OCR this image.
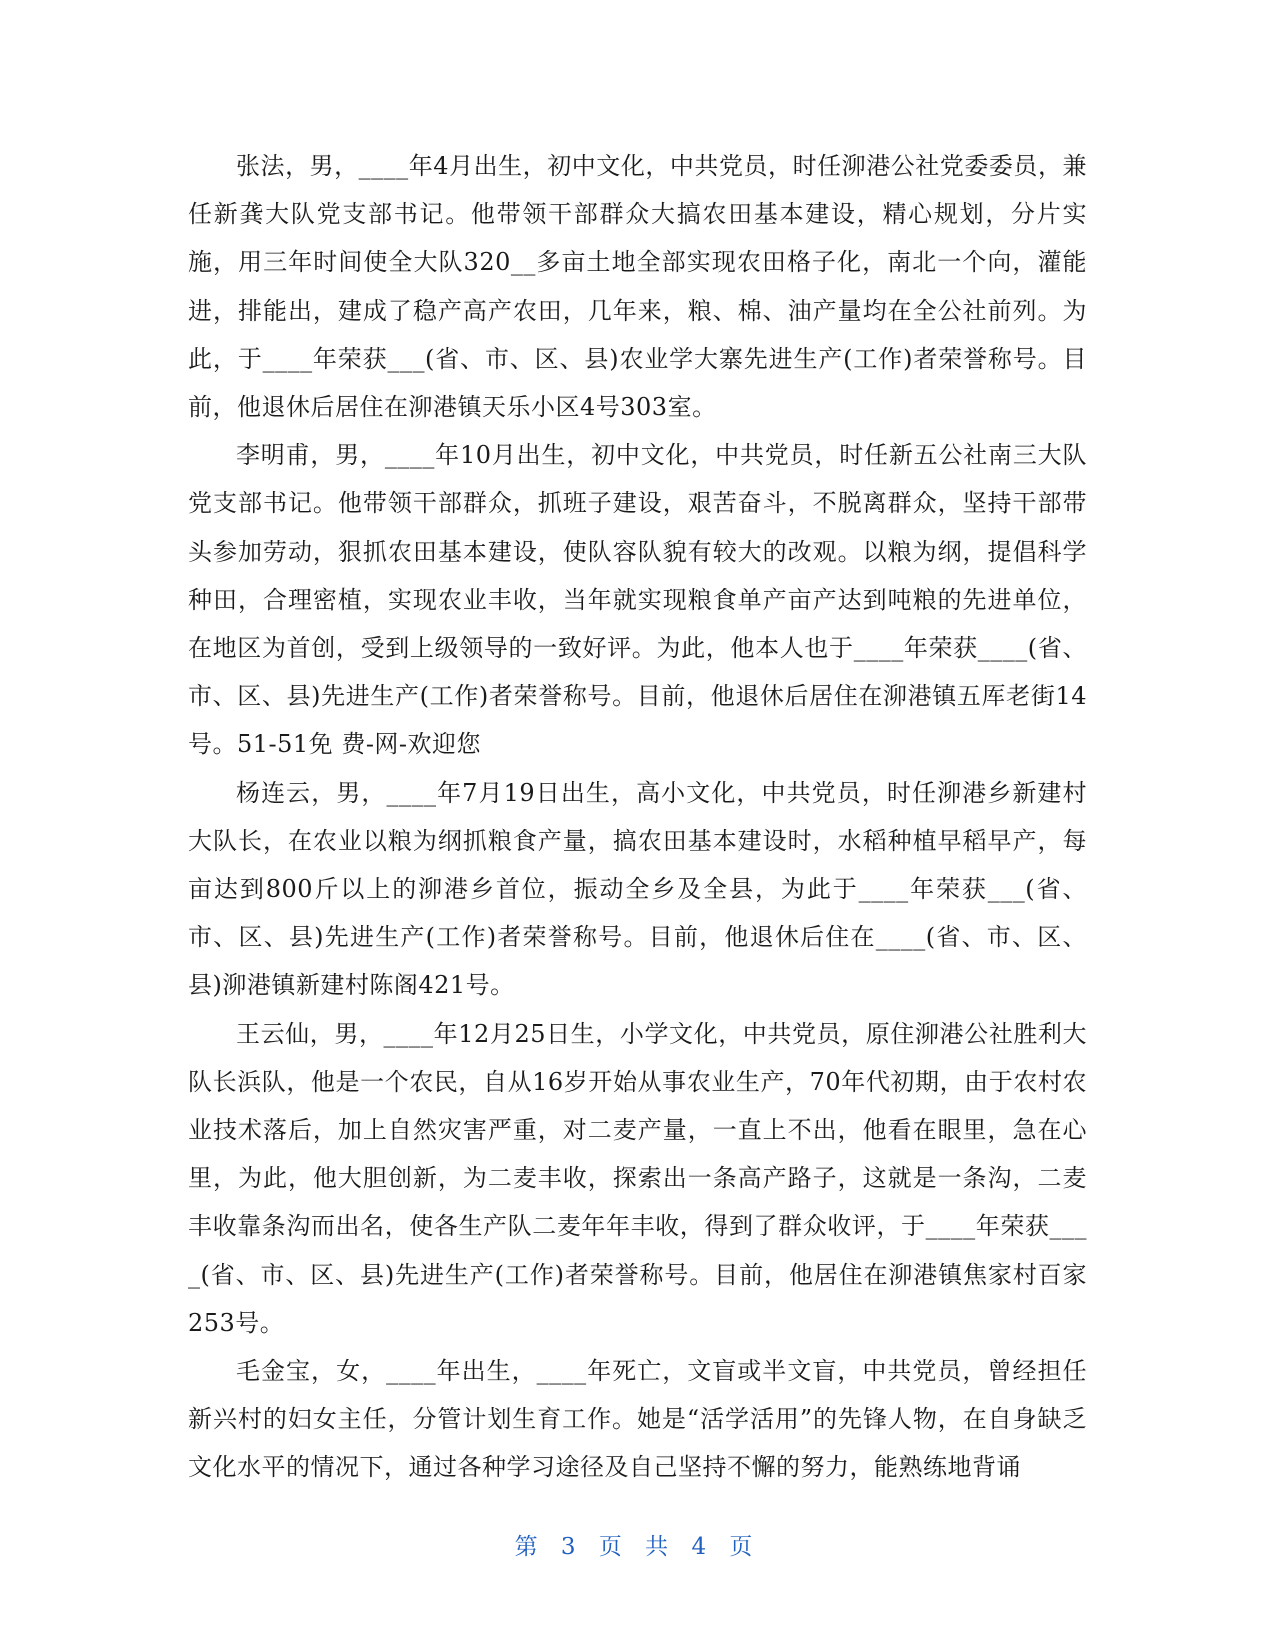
张法，男，____年4月出生，初中文化，中共党员，时任泖港公社党委委员，兼任新龚大队党支部书记。他带领干部群众大搞农田基本建设，精心规划，分片实施，用三年时间使全大队320__多亩土地全部实现农田格子化，南北一个向，灌能进，排能出，建成了稳产高产农田，几年来，粮、棉、油产量均在全公社前列。为此，于____年荣获___(省、市、区、县)农业学大寨先进生产(工作)者荣誉称号。目前，他退休后居住在泖港镇天乐小区4号303室。

李明甫，男，____年10月出生，初中文化，中共党员，时任新五公社南三大队党支部书记。他带领干部群众，抓班子建设，艰苦奋斗，不脱离群众，坚持干部带头参加劳动，狠抓农田基本建设，使队容队貌有较大的改观。以粮为纲，提倡科学种田，合理密植，实现农业丰收，当年就实现粮食单产亩产达到吨粮的先进单位，在地区为首创，受到上级领导的一致好评。为此，他本人也于____年荣获____(省、市、区、县)先进生产(工作)者荣誉称号。目前，他退休后居住在泖港镇五厍老街14号。51-51免 费-网-欢迎您

杨连云，男，____年7月19日出生，高小文化，中共党员，时任泖港乡新建村大队长，在农业以粮为纲抓粮食产量，搞农田基本建设时，水稻种植早稻早产，每亩达到800斤以上的泖港乡首位，振动全乡及全县，为此于____年荣获___(省、市、区、县)先进生产(工作)者荣誉称号。目前，他退休后住在____(省、市、区、县)泖港镇新建村陈阁421号。

王云仙，男，____年12月25日生，小学文化，中共党员，原住泖港公社胜利大队长浜队，他是一个农民，自从16岁开始从事农业生产，70年代初期，由于农村农业技术落后，加上自然灾害严重，对二麦产量，一直上不出，他看在眼里，急在心里，为此，他大胆创新，为二麦丰收，探索出一条高产路子，这就是一条沟，二麦丰收靠条沟而出名，使各生产队二麦年年丰收，得到了群众收评，于____年荣获____(省、市、区、县)先进生产(工作)者荣誉称号。目前，他居住在泖港镇焦家村百家253号。

毛金宝，女，____年出生，____年死亡，文盲或半文盲，中共党员，曾经担任新兴村的妇女主任，分管计划生育工作。她是“活学活用”的先锋人物，在自身缺乏文化水平的情况下，通过各种学习途径及自己坚持不懈的努力，能熟练地背诵

第 3 页 共 4 页
